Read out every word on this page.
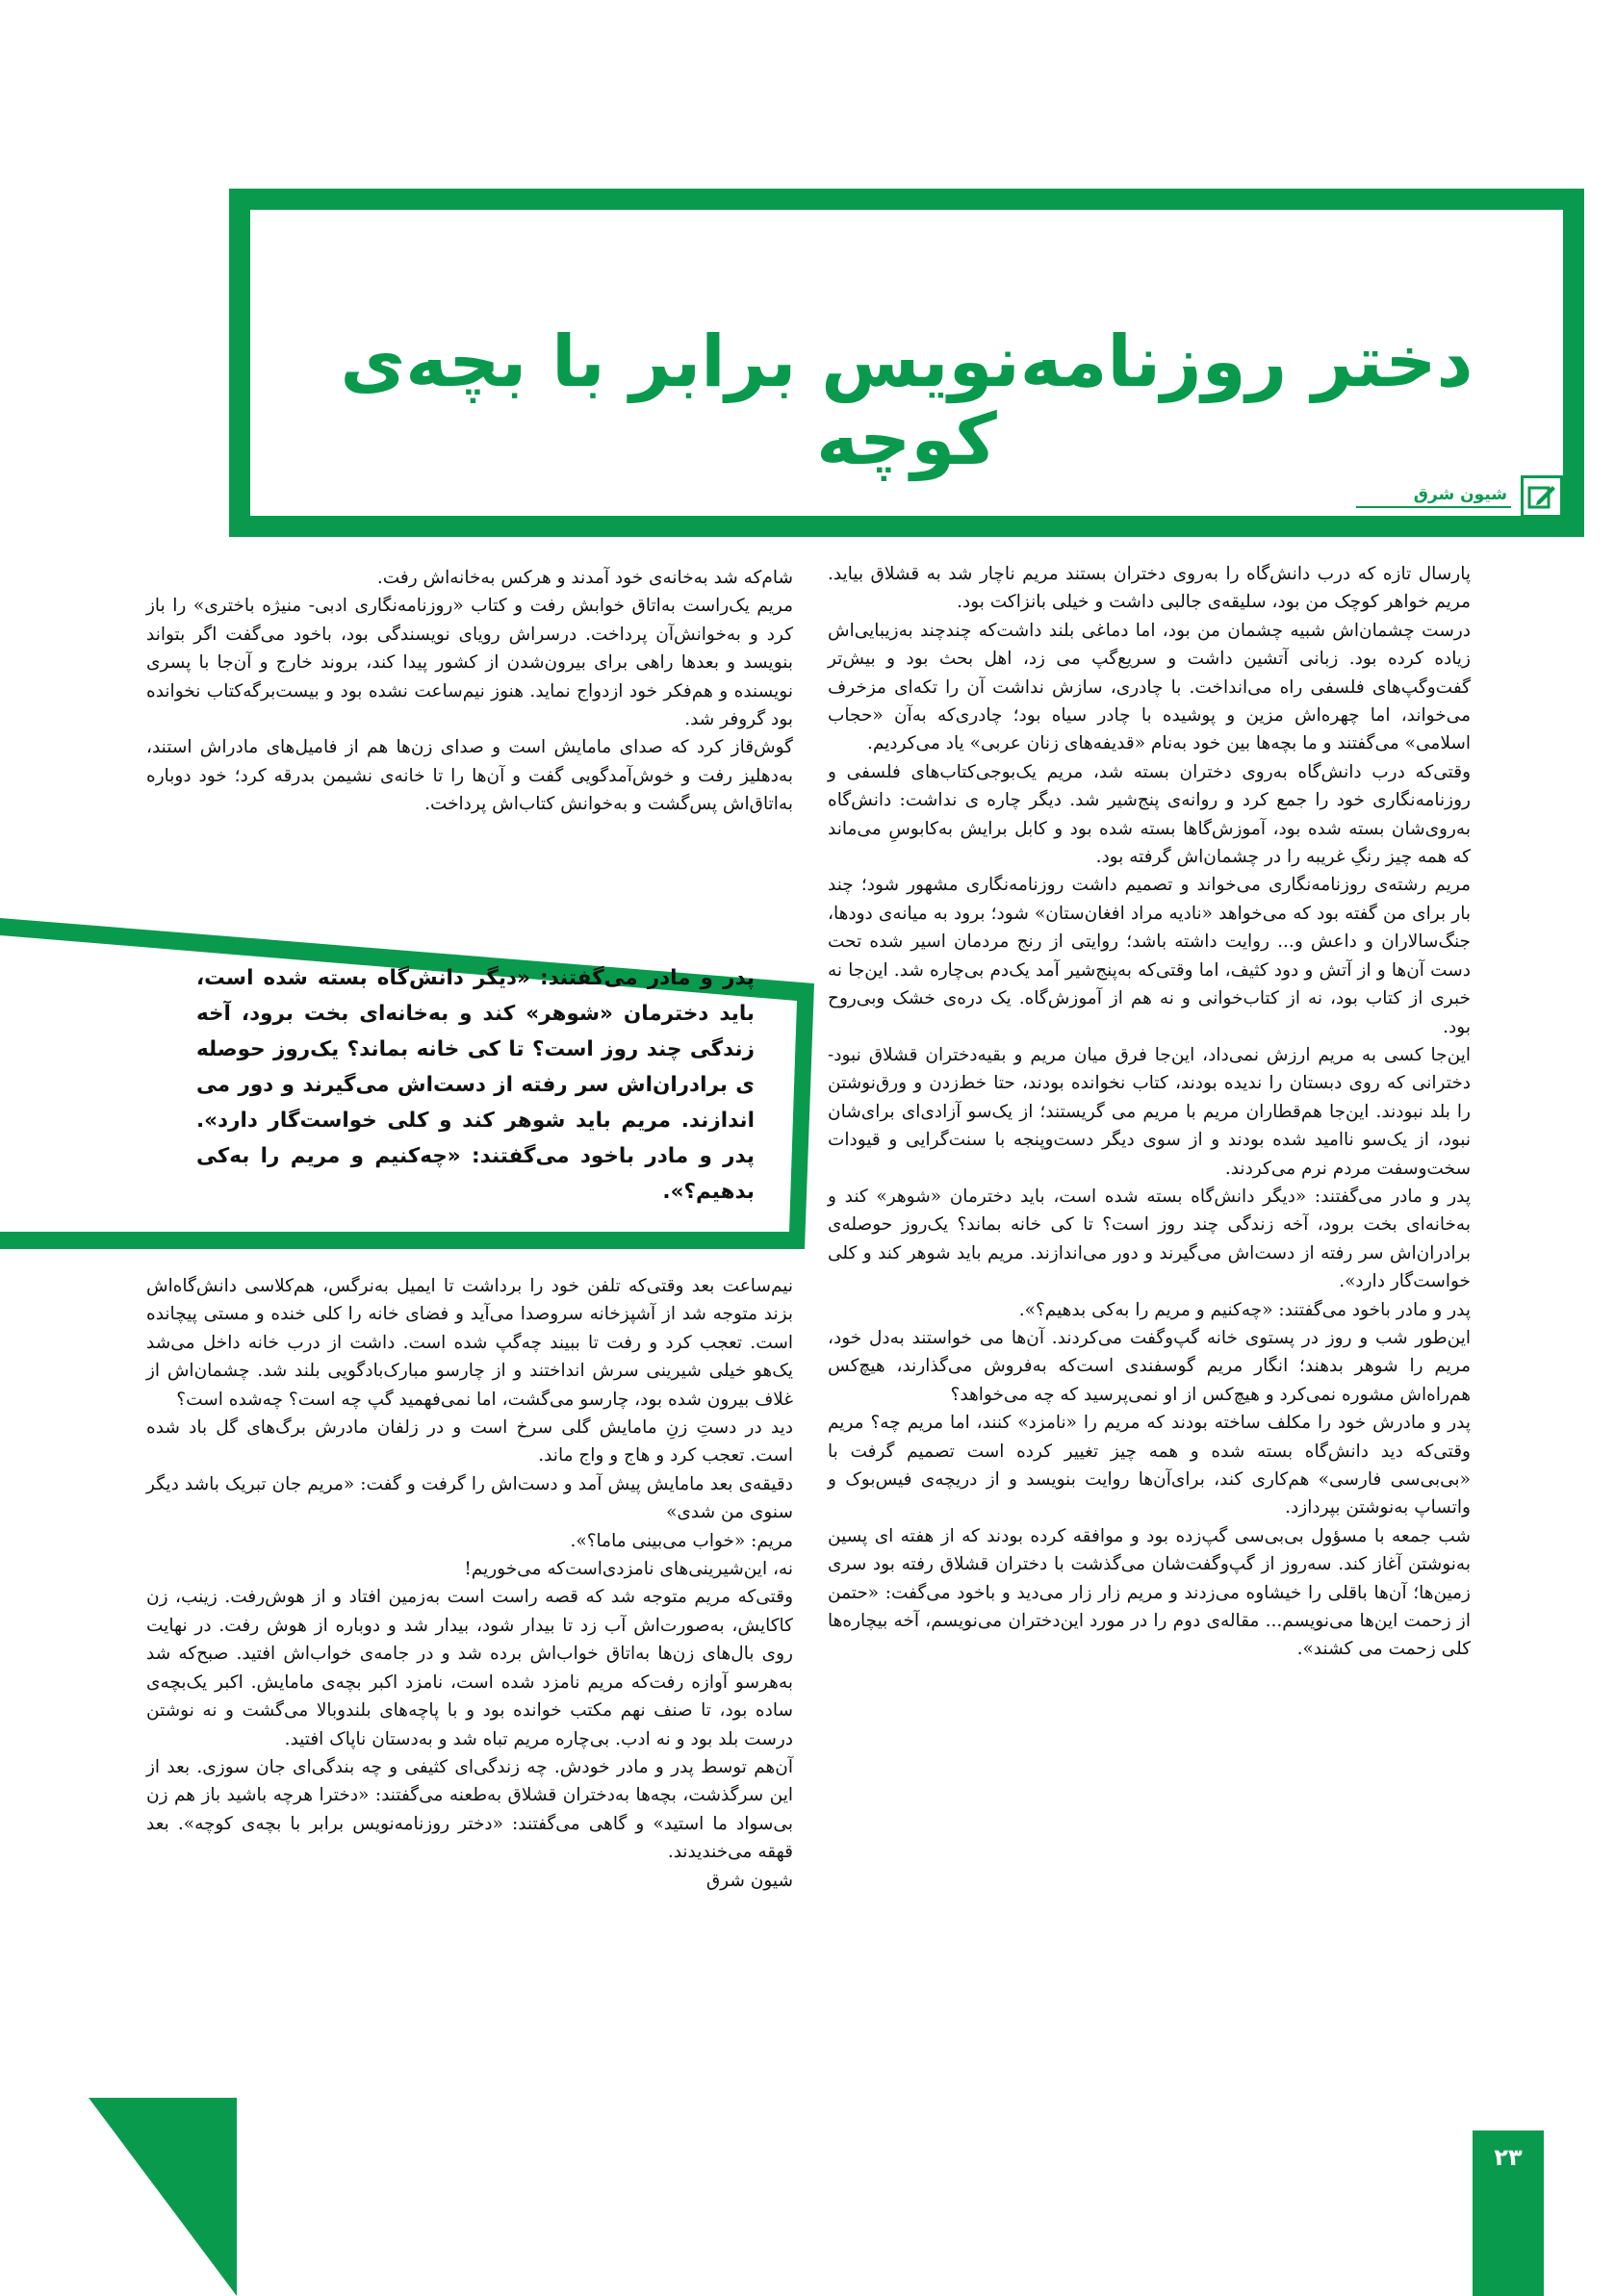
دختر روزنامه‌نویس برابر با بچه‌ی کوچه
شیون شرق

پارسال تازه که درب دانش‌گاه را به‌روی دختران بستند مریم ناچار شد به قشلاق بیاید. مریم خواهر کوچک من بود، سلیقه‌ی جالبی داشت و خیلی بانزاکت بود.

درست چشمان‌اش شبیه چشمان من بود، اما دماغی بلند داشت‌که چندچند به‌زیبایی‌اش زیاده کرده بود. زبانی آتشین داشت و سریع‌گپ می زد، اهل بحث بود و بیش‌تر گفت‌وگپ‌های فلسفی راه می‌انداخت. با چادری، سازش نداشت آن را تکه‌ای مزخرف می‌خواند، اما چهره‌اش مزین و پوشیده با چادر سیاه بود؛ چادری‌که به‌آن «حجاب اسلامی» می‌گفتند و ما بچه‌ها بین خود به‌نام «قدیفه‌های زنان عربی» یاد می‌کردیم.

وقتی‌که درب دانش‌گاه به‌روی دختران بسته شد، مریم یک‌بوجی‌کتاب‌های فلسفی و روزنامه‌نگاری خود را جمع کرد و روانه‌ی پنج‌شیر شد. دیگر چاره ی نداشت: دانش‌گاه به‌روی‌شان بسته شده بود، آموزش‌گاها بسته شده بود و کابل برایش به‌کابوسِ می‌ماند که همه چیز رنگِ غریبه را در چشمان‌اش گرفته بود.

مریم رشته‌ی روزنامه‌نگاری می‌خواند و تصمیم داشت روزنامه‌نگاری مشهور شود؛ چند بار برای من گفته بود که می‌خواهد «نادیه مراد افغان‌ستان» شود؛ برود به میانه‌ی دودها، جنگ‌سالاران و داعش و... روایت داشته باشد؛ روایتی از رنج مردمان اسیر شده تحت دست آن‌ها و از آتش و دود کثیف، اما وقتی‌که به‌پنج‌شیر آمد یک‌دم بی‌چاره شد. این‌جا نه خبری از کتاب بود، نه از کتاب‌خوانی و نه هم از آموزش‌گاه. یک دره‌ی خشک وبی‌روح بود.

این‌جا کسی به مریم ارزش نمی‌داد، این‌جا فرق میان مریم و بقیه‌دختران قشلاق نبود- دخترانی که روی دبستان را ندیده بودند، کتاب نخوانده بودند، حتا خط‌زدن و ورق‌نوشتن را بلد نبودند. این‌جا هم‌قطاران مریم با مریم می گریستند؛ از یک‌سو آزادی‌ای برای‌شان نبود، از یک‌سو ناامید شده بودند و از سوی دیگر دست‌وپنجه با سنت‌گرایی و قیودات سخت‌وسفت مردم نرم می‌کردند.

پدر و مادر می‌گفتند: «دیگر دانش‌گاه بسته شده است، باید دخترمان «شوهر» کند و به‌خانه‌ای بخت برود، آخه زندگی چند روز است؟ تا کی خانه بماند؟ یک‌روز حوصله‌ی برادران‌اش سر رفته از دست‌اش می‌گیرند و دور می‌اندازند. مریم باید شوهر کند و کلی خواست‌گار دارد».

پدر و مادر باخود می‌گفتند: «چه‌کنیم و مریم را به‌کی بدهیم؟».

این‌طور شب و روز در پستوی خانه گپ‌وگفت می‌کردند. آن‌ها می خواستند به‌دل خود، مریم را شوهر بدهند؛ انگار مریم گوسفندی است‌که به‌فروش می‌گذارند، هیچ‌کس هم‌راه‌اش مشوره نمی‌کرد و هیچ‌کس از او نمی‌پرسید که چه می‌خواهد؟

پدر و مادرش خود را مکلف ساخته بودند که مریم را «نامزد» کنند، اما مریم چه؟ مریم وقتی‌که دید دانش‌گاه بسته شده و همه چیز تغییر کرده است تصمیم گرفت با «بی‌بی‌سی فارسی» هم‌کاری کند، برای‌آن‌ها روایت بنویسد و از دریچه‌ی فیس‌بوک و واتساپ به‌نوشتن بپردازد.

شب جمعه با مسؤول بی‌بی‌سی گپ‌زده بود و موافقه کرده بودند که از هفته ای پسین به‌نوشتن آغاز کند. سه‌روز از گپ‌وگفت‌شان می‌گذشت با دختران قشلاق رفته بود سری زمین‌ها؛ آن‌ها باقلی را خیشاوه می‌زدند و مریم زار زار می‌دید و باخود می‌گفت: «حتمن از زحمت این‌ها می‌نویسم... مقاله‌ی دوم را در مورد این‌دختران می‌نویسم، آخه بیچاره‌ها کلی زحمت می کشند».

شام‌که شد به‌خانه‌ی خود آمدند و هرکس به‌خانه‌اش رفت.

مریم یک‌راست به‌اتاق خوابش رفت و کتاب «روزنامه‌نگاری ادبی- منیژه باختری» را باز کرد و به‌خوانش‌آن پرداخت. درسراش رویای نویسندگی بود، باخود می‌گفت اگر بتواند بنویسد و بعدها راهی برای بیرون‌شدن از کشور پیدا کند، بروند خارج و آن‌جا با پسری نویسنده و هم‌فکر خود ازدواج نماید. هنوز نیم‌ساعت نشده بود و بیست‌برگه‌کتاب نخوانده بود گروفر شد.

گوش‌قاز کرد که صدای مامایش است و صدای زن‌ها هم از فامیل‌های مادراش استند، به‌دهلیز رفت و خوش‌آمدگویی گفت و آن‌ها را تا خانه‌ی نشیمن بدرقه کرد؛ خود دوباره به‌اتاق‌اش پس‌گشت و به‌خوانش کتاب‌اش پرداخت.

پدر و مادر می‌گفتند: «دیگر دانش‌گاه بسته شده است، باید دخترمان «شوهر» کند و به‌خانه‌ای بخت برود، آخه زندگی چند روز است؟ تا کی خانه بماند؟ یک‌روز حوصله ی برادران‌اش سر رفته از دست‌اش می‌گیرند و دور می اندازند. مریم باید شوهر کند و کلی خواست‌گار دارد». پدر و مادر باخود می‌گفتند: «چه‌کنیم و مریم را به‌کی بدهیم؟».

نیم‌ساعت بعد وقتی‌که تلفن خود را برداشت تا ایمیل به‌نرگس، هم‌کلاسی دانش‌گاه‌اش بزند متوجه شد از آشپزخانه سروصدا می‌آید و فضای خانه را کلی خنده و مستی پیچانده است. تعجب کرد و رفت تا ببیند چه‌گپ شده است. داشت از درب خانه داخل می‌شد یک‌هو خیلی شیرینی سرش انداختند و از چارسو مبارک‌بادگویی بلند شد. چشمان‌اش از غلاف بیرون شده بود، چارسو می‌گشت، اما نمی‌فهمید گپ چه است؟ چه‌شده است؟

دید در دستِ زنِ مامایش گلی سرخ است و در زلفان مادرش برگ‌های گل باد شده است. تعجب کرد و هاج و واج ماند.

دقیقه‌ی بعد مامایش پیش آمد و دست‌اش را گرفت و گفت: «مریم جان تبریک باشد دیگر سنوی من شدی»

مریم: «خواب می‌بینی ماما؟».

نه، این‌شیرینی‌های نامزدی‌است‌که می‌خوریم!

وقتی‌که مریم متوجه شد که قصه راست است به‌زمین افتاد و از هوش‌رفت. زینب، زن کاکایش، به‌صورت‌اش آب زد تا بیدار شود، بیدار شد و دوباره از هوش رفت. در نهایت روی بال‌های زن‌ها به‌اتاق خواب‌اش برده شد و در جامه‌ی خواب‌اش افتید. صبح‌که شد به‌هرسو آوازه رفت‌که مریم نامزد شده است، نامزد اکبر بچه‌ی مامایش. اکبر یک‌بچه‌ی ساده بود، تا صنف نهم مکتب خوانده بود و با پاچه‌های بلندوبالا می‌گشت و نه نوشتن درست بلد بود و نه ادب. بی‌چاره مریم تباه شد و به‌دستان ناپاک افتید.

آن‌هم توسط پدر و مادر خودش. چه زندگی‌ای کثیفی و چه بندگی‌ای جان سوزی. بعد از این سرگذشت، بچه‌ها به‌دختران قشلاق به‌طعنه می‌گفتند: «دخترا هرچه باشید باز هم زن بی‌سواد ما استید» و گاهی می‌گفتند: «دختر روزنامه‌نویس برابر با بچه‌ی کوچه». بعد قهقه می‌خندیدند.

شیون شرق

۲۳
